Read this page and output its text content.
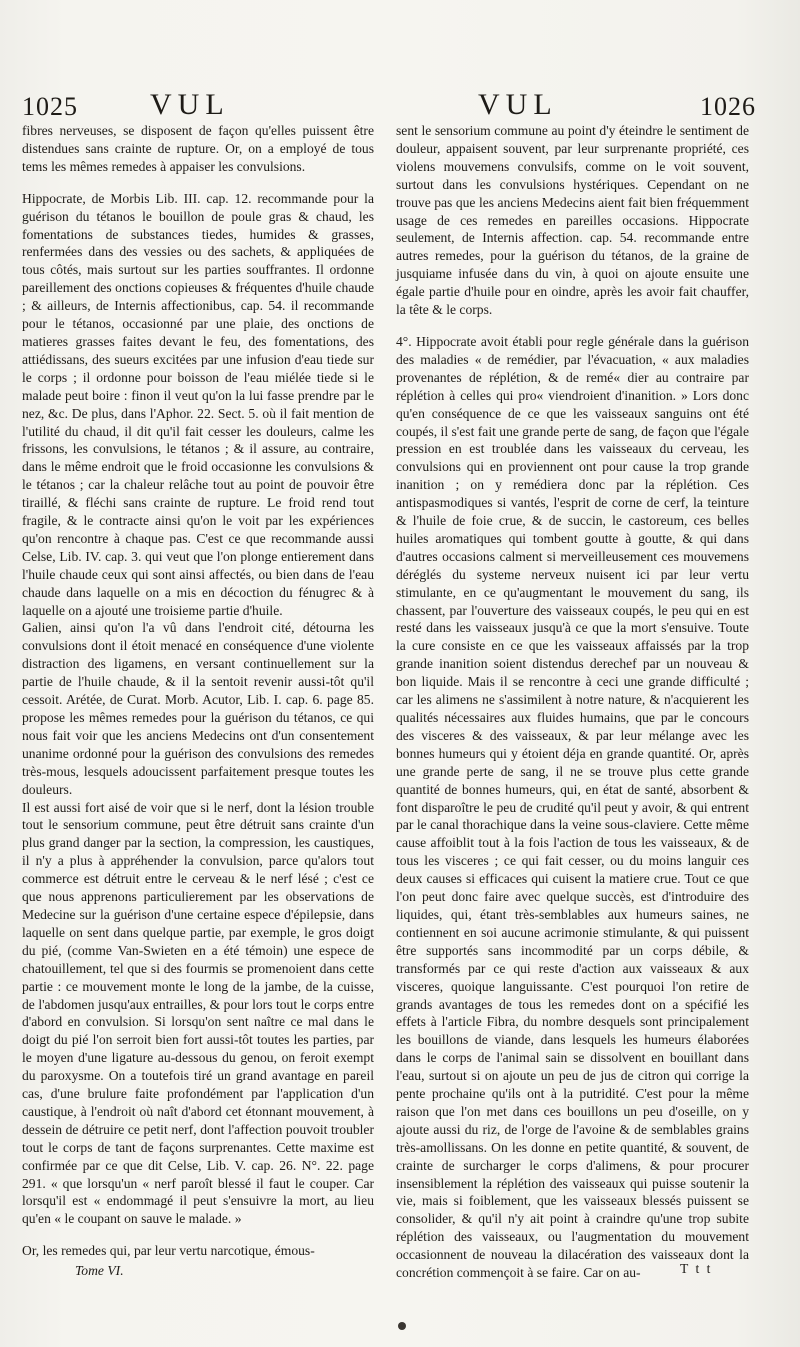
1025 VUL	VUL	1026

fibres nerveuses, se disposent de façon qu'elles puissent être distendues sans crainte de rupture. Or, on a employé de tous tems les mêmes remedes à appaiser les convulsions.

Hippocrate, de Morbis Lib. III. cap. 12. recommande pour la guérison du tétanos le bouillon de poule gras & chaud, les fomentations de substances tiedes, humides & grasses, renfermées dans des vessies ou des sachets, & appliquées de tous côtés, mais surtout sur les parties souffrantes. Il ordonne pareillement des onctions copieuses & fréquentes d'huile chaude ; & ailleurs, de Internis affectionibus, cap. 54. il recommande pour le tétanos, occasionné par une plaie, des onctions de matieres grasses faites devant le feu, des fomentations, des attiédissans, des sueurs excitées par une infusion d'eau tiede sur le corps ; il ordonne pour boisson de l'eau miélée tiede si le malade peut boire : finon il veut qu'on la lui fasse prendre par le nez, &c. De plus, dans l'Aphor. 22. Sect. 5. où il fait mention de l'utilité du chaud, il dit qu'il fait cesser les douleurs, calme les frissons, les convulsions, le tétanos ; & il assure, au contraire, dans le même endroit que le froid occasionne les convulsions & le tétanos ; car la chaleur relâche tout au point de pouvoir être tiraillé, & fléchi sans crainte de rupture. Le froid rend tout fragile, & le contracte ainsi qu'on le voit par les expériences qu'on rencontre à chaque pas. C'est ce que recommande aussi Celse, Lib. IV. cap. 3. qui veut que l'on plonge entierement dans l'huile chaude ceux qui sont ainsi affectés, ou bien dans de l'eau chaude dans laquelle on a mis en décoction du fénugrec & à laquelle on a ajouté une troisieme partie d'huile.

Galien, ainsi qu'on l'a vû dans l'endroit cité, détourna les convulsions dont il étoit menacé en conséquence d'une violente distraction des ligamens, en versant continuellement sur la partie de l'huile chaude, & il la sentoit revenir aussi-tôt qu'il cessoit. Arétée, de Curat. Morb. Acutor, Lib. I. cap. 6. page 85. propose les mêmes remedes pour la guérison du tétanos, ce qui nous fait voir que les anciens Medecins ont d'un consentement unanime ordonné pour la guérison des convulsions des remedes très-mous, lesquels adoucissent parfaitement presque toutes les douleurs.

Il est aussi fort aisé de voir que si le nerf, dont la lésion trouble tout le sensorium commune, peut être détruit sans crainte d'un plus grand danger par la section, la compression, les caustiques, il n'y a plus à appréhender la convulsion, parce qu'alors tout commerce est détruit entre le cerveau & le nerf lésé ; c'est ce que nous apprenons particulierement par les observations de Medecine sur la guérison d'une certaine espece d'épilepsie, dans laquelle on sent dans quelque partie, par exemple, le gros doigt du pié, (comme Van-Swieten en a été témoin) une espece de chatouillement, tel que si des fourmis se promenoient dans cette partie : ce mouvement monte le long de la jambe, de la cuisse, de l'abdomen jusqu'aux entrailles, & pour lors tout le corps entre d'abord en convulsion. Si lorsqu'on sent naître ce mal dans le doigt du pié l'on serroit bien fort aussi-tôt toutes les parties, par le moyen d'une ligature au-dessous du genou, on feroit exempt du paroxysme. On a toutefois tiré un grand avantage en pareil cas, d'une brulure faite profondément par l'application d'un caustique, à l'endroit où naît d'abord cet étonnant mouvement, à dessein de détruire ce petit nerf, dont l'affection pouvoit troubler tout le corps de tant de façons surprenantes. Cette maxime est confirmée par ce que dit Celse, Lib. V. cap. 26. N°. 22. page 291. « que lorsqu'un « nerf paroît blessé il faut le couper. Car lorsqu'il est « endommagé il peut s'ensuivre la mort, au lieu qu'en « le coupant on sauve le malade. »

Or, les remedes qui, par leur vertu narcotique, émous-

sent le sensorium commune au point d'y éteindre le sentiment de douleur, appaisent souvent, par leur surprenante propriété, ces violens mouvemens convulsifs, comme on le voit souvent, surtout dans les convulsions hystériques. Cependant on ne trouve pas que les anciens Medecins aient fait bien fréquemment usage de ces remedes en pareilles occasions. Hippocrate seulement, de Internis affection. cap. 54. recommande entre autres remedes, pour la guérison du tétanos, de la graine de jusquiame infusée dans du vin, à quoi on ajoute ensuite une égale partie d'huile pour en oindre, après les avoir fait chauffer, la tête & le corps.

4°. Hippocrate avoit établi pour regle générale dans la guérison des maladies « de remédier, par l'évacuation, « aux maladies provenantes de réplétion, & de remé« dier au contraire par réplétion à celles qui pro« viendroient d'inanition. » Lors donc qu'en conséquence de ce que les vaisseaux sanguins ont été coupés, il s'est fait une grande perte de sang, de façon que l'égale pression en est troublée dans les vaisseaux du cerveau, les convulsions qui en proviennent ont pour cause la trop grande inanition ; on y remédiera donc par la réplétion. Ces antispasmodiques si vantés, l'esprit de corne de cerf, la teinture & l'huile de foie crue, & de succin, le castoreum, ces belles huiles aromatiques qui tombent goutte à goutte, & qui dans d'autres occasions calment si merveilleusement ces mouvemens déréglés du systeme nerveux nuisent ici par leur vertu stimulante, en ce qu'augmentant le mouvement du sang, ils chassent, par l'ouverture des vaisseaux coupés, le peu qui en est resté dans les vaisseaux jusqu'à ce que la mort s'ensuive. Toute la cure consiste en ce que les vaisseaux affaissés par la trop grande inanition soient distendus derechef par un nouveau & bon liquide. Mais il se rencontre à ceci une grande difficulté ; car les alimens ne s'assimilent à notre nature, & n'acquierent les qualités nécessaires aux fluides humains, que par le concours des visceres & des vaisseaux, & par leur mélange avec les bonnes humeurs qui y étoient déja en grande quantité. Or, après une grande perte de sang, il ne se trouve plus cette grande quantité de bonnes humeurs, qui, en état de santé, absorbent & font disparoître le peu de crudité qu'il peut y avoir, & qui entrent par le canal thorachique dans la veine sous-claviere. Cette même cause affoiblit tout à la fois l'action de tous les vaisseaux, & de tous les visceres ; ce qui fait cesser, ou du moins languir ces deux causes si efficaces qui cuisent la matiere crue. Tout ce que l'on peut donc faire avec quelque succès, est d'introduire des liquides, qui, étant très-semblables aux humeurs saines, ne contiennent en soi aucune acrimonie stimulante, & qui puissent être supportés sans incommodité par un corps débile, & transformés par ce qui reste d'action aux vaisseaux & aux visceres, quoique languissante. C'est pourquoi l'on retire de grands avantages de tous les remedes dont on a spécifié les effets à l'article Fibra, du nombre desquels sont principalement les bouillons de viande, dans lesquels les humeurs élaborées dans le corps de l'animal sain se dissolvent en bouillant dans l'eau, surtout si on ajoute un peu de jus de citron qui corrige la pente prochaine qu'ils ont à la putridité. C'est pour la même raison que l'on met dans ces bouillons un peu d'oseille, on y ajoute aussi du riz, de l'orge de l'avoine & de semblables grains très-amollissans. On les donne en petite quantité, & souvent, de crainte de surcharger le corps d'alimens, & pour procurer insensiblement la réplétion des vaisseaux qui puisse soutenir la vie, mais si foiblement, que les vaisseaux blessés puissent se consolider, & qu'il n'y ait point à craindre qu'une trop subite réplétion des vaisseaux, ou l'augmentation du mouvement occasionnent de nouveau la dilacération des vaisseaux dont la concrétion commençoit à se faire. Car on au-

Tome VI.	T t t
